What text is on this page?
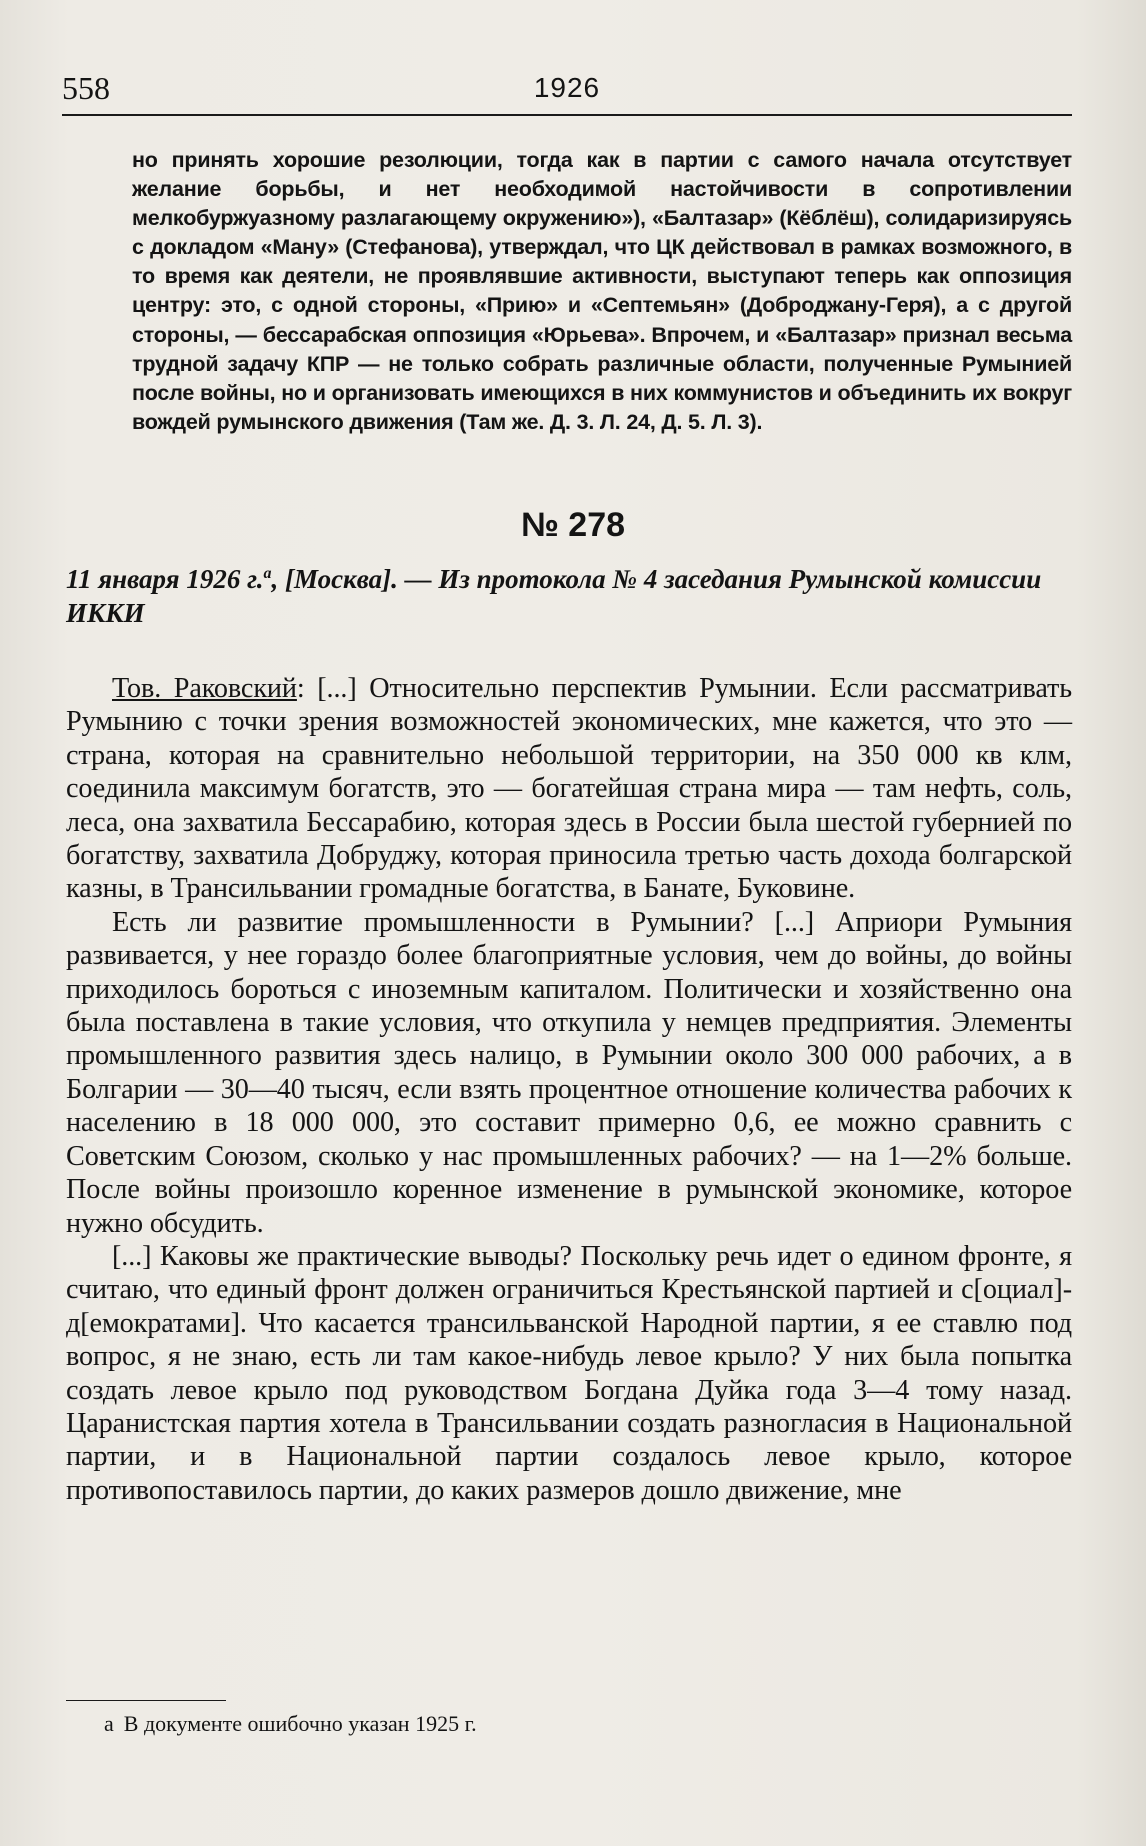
558	1926
но принять хорошие резолюции, тогда как в партии с самого начала отсутствует желание борьбы, и нет необходимой настойчивости в сопротивлении мелкобуржуазному разлагающему окружению»), «Балтазар» (Кёблёш), солидаризируясь с докладом «Ману» (Стефанова), утверждал, что ЦК действовал в рамках возможного, в то время как деятели, не проявлявшие активности, выступают теперь как оппозиция центру: это, с одной стороны, «Прию» и «Септемьян» (Доброджану-Геря), а с другой стороны, — бессарабская оппозиция «Юрьева». Впрочем, и «Балтазар» признал весьма трудной задачу КПР — не только собрать различные области, полученные Румынией после войны, но и организовать имеющихся в них коммунистов и объединить их вокруг вождей румынского движения (Там же. Д. 3. Л. 24, Д. 5. Л. 3).
№ 278
11 января 1926 г.$^а$, [Москва]. — Из протокола № 4 заседания Румынской комиссии ИККИ

Тов. Раковский: [...] Относительно перспектив Румынии. Если рассматривать Румынию с точки зрения возможностей экономических, мне кажется, что это — страна, которая на сравнительно небольшой территории, на 350 000 кв клм, соединила максимум богатств, это — богатейшая страна мира — там нефть, соль, леса, она захватила Бессарабию, которая здесь в России была шестой губернией по богатству, захватила Добруджу, которая приносила третью часть дохода болгарской казны, в Трансильвании громадные богатства, в Банате, Буковине.

Есть ли развитие промышленности в Румынии? [...] Априори Румыния развивается, у нее гораздо более благоприятные условия, чем до войны, до войны приходилось бороться с иноземным капиталом. Политически и хозяйственно она была поставлена в такие условия, что откупила у немцев предприятия. Элементы промышленного развития здесь налицо, в Румынии около 300 000 рабочих, а в Болгарии — 30—40 тысяч, если взять процентное отношение количества рабочих к населению в 18 000 000, это составит примерно 0,6, ее можно сравнить с Советским Союзом, сколько у нас промышленных рабочих? — на 1—2% больше. После войны произошло коренное изменение в румынской экономике, которое нужно обсудить.

[...] Каковы же практические выводы? Поскольку речь идет о едином фронте, я считаю, что единый фронт должен ограничиться Крестьянской партией и с[оциал]-д[емократами]. Что касается трансильванской Народной партии, я ее ставлю под вопрос, я не знаю, есть ли там какое-нибудь левое крыло? У них была попытка создать левое крыло под руководством Богдана Дуйка года 3—4 тому назад. Царанистская партия хотела в Трансильвании создать разногласия в Национальной партии, и в Национальной партии создалось левое крыло, которое противопоставилось партии, до каких размеров дошло движение, мне

а В документе ошибочно указан 1925 г.
